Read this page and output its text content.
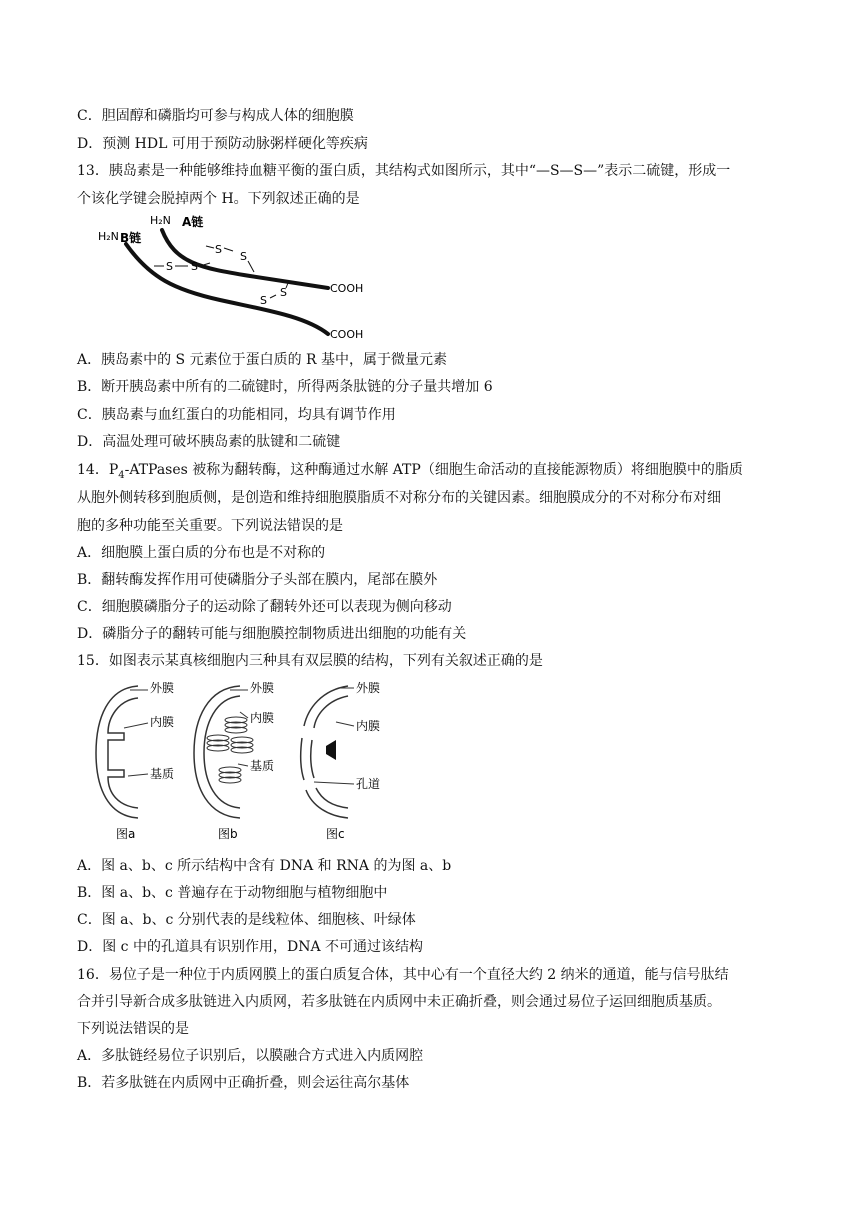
C．胆固醇和磷脂均可参与构成人体的细胞膜
D．预测 HDL 可用于预防动脉粥样硬化等疾病
13．胰岛素是一种能够维持血糖平衡的蛋白质，其结构式如图所示，其中“—S—S—”表示二硫键，形成一
个该化学键会脱掉两个 H。下列叙述正确的是
H₂N A链
H₂N B链
S
S
S S
S
S
COOH
COOH
A．胰岛素中的 S 元素位于蛋白质的 R 基中，属于微量元素
B．断开胰岛素中所有的二硫键时，所得两条肽链的分子量共增加 6
C．胰岛素与血红蛋白的功能相同，均具有调节作用
D．高温处理可破坏胰岛素的肽键和二硫键
14．$P_4$-ATPases 被称为翻转酶，这种酶通过水解 ATP（细胞生命活动的直接能源物质）将细胞膜中的脂质
从胞外侧转移到胞质侧，是创造和维持细胞膜脂质不对称分布的关键因素。细胞膜成分的不对称分布对细
胞的多种功能至关重要。下列说法错误的是
A．细胞膜上蛋白质的分布也是不对称的
B．翻转酶发挥作用可使磷脂分子头部在膜内，尾部在膜外
C．细胞膜磷脂分子的运动除了翻转外还可以表现为侧向移动
D．磷脂分子的翻转可能与细胞膜控制物质进出细胞的功能有关
15．如图表示某真核细胞内三种具有双层膜的结构，下列有关叙述正确的是
外膜
内膜
基质
图a
外膜
内膜
基质
图b
外膜
内膜
孔道
图c
A．图 a、b、c 所示结构中含有 DNA 和 RNA 的为图 a、b
B．图 a、b、c 普遍存在于动物细胞与植物细胞中
C．图 a、b、c 分别代表的是线粒体、细胞核、叶绿体
D．图 c 中的孔道具有识别作用，DNA 不可通过该结构
16．易位子是一种位于内质网膜上的蛋白质复合体，其中心有一个直径大约 2 纳米的通道，能与信号肽结
合并引导新合成多肽链进入内质网，若多肽链在内质网中未正确折叠，则会通过易位子运回细胞质基质。
下列说法错误的是
A．多肽链经易位子识别后，以膜融合方式进入内质网腔
B．若多肽链在内质网中正确折叠，则会运往高尔基体
